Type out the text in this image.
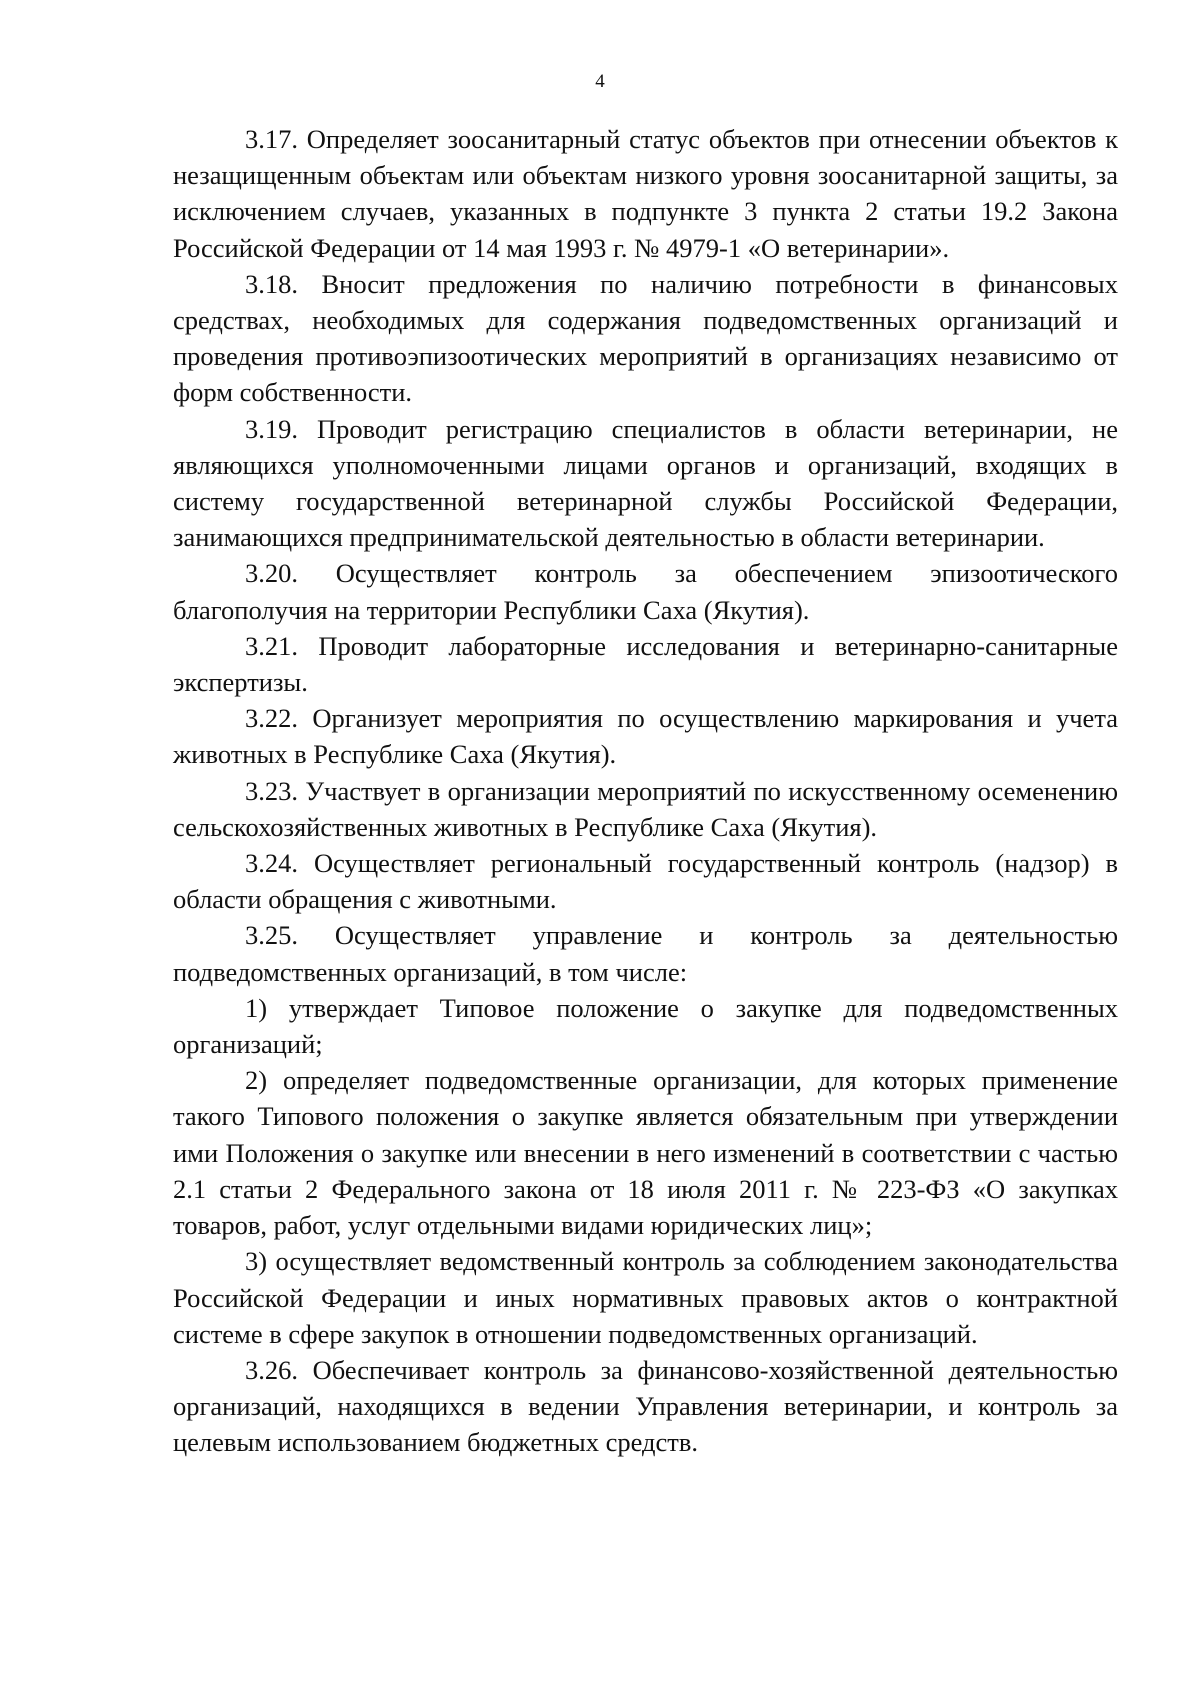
4

3.17. Определяет зоосанитарный статус объектов при отнесении объектов к незащищенным объектам или объектам низкого уровня зоосанитарной защиты, за исключением случаев, указанных в подпункте 3 пункта 2 статьи 19.2 Закона Российской Федерации от 14 мая 1993 г. № 4979-1 «О ветеринарии».

3.18. Вносит предложения по наличию потребности в финансовых средствах, необходимых для содержания подведомственных организаций и проведения противоэпизоотических мероприятий в организациях независимо от форм собственности.

3.19. Проводит регистрацию специалистов в области ветеринарии, не являющихся уполномоченными лицами органов и организаций, входящих в систему государственной ветеринарной службы Российской Федерации, занимающихся предпринимательской деятельностью в области ветеринарии.

3.20. Осуществляет контроль за обеспечением эпизоотического благополучия на территории Республики Саха (Якутия).

3.21. Проводит лабораторные исследования и ветеринарно-санитарные экспертизы.

3.22. Организует мероприятия по осуществлению маркирования и учета животных в Республике Саха (Якутия).

3.23. Участвует в организации мероприятий по искусственному осеменению сельскохозяйственных животных в Республике Саха (Якутия).

3.24. Осуществляет региональный государственный контроль (надзор) в области обращения с животными.

3.25. Осуществляет управление и контроль за деятельностью подведомственных организаций, в том числе:

1) утверждает Типовое положение о закупке для подведомственных организаций;

2) определяет подведомственные организации, для которых применение такого Типового положения о закупке является обязательным при утверждении ими Положения о закупке или внесении в него изменений в соответствии с частью 2.1 статьи 2 Федерального закона от 18 июля 2011 г. № 223-ФЗ «О закупках товаров, работ, услуг отдельными видами юридических лиц»;

3) осуществляет ведомственный контроль за соблюдением законодательства Российской Федерации и иных нормативных правовых актов о контрактной системе в сфере закупок в отношении подведомственных организаций.

3.26. Обеспечивает контроль за финансово-хозяйственной деятельностью организаций, находящихся в ведении Управления ветеринарии, и контроль за целевым использованием бюджетных средств.
